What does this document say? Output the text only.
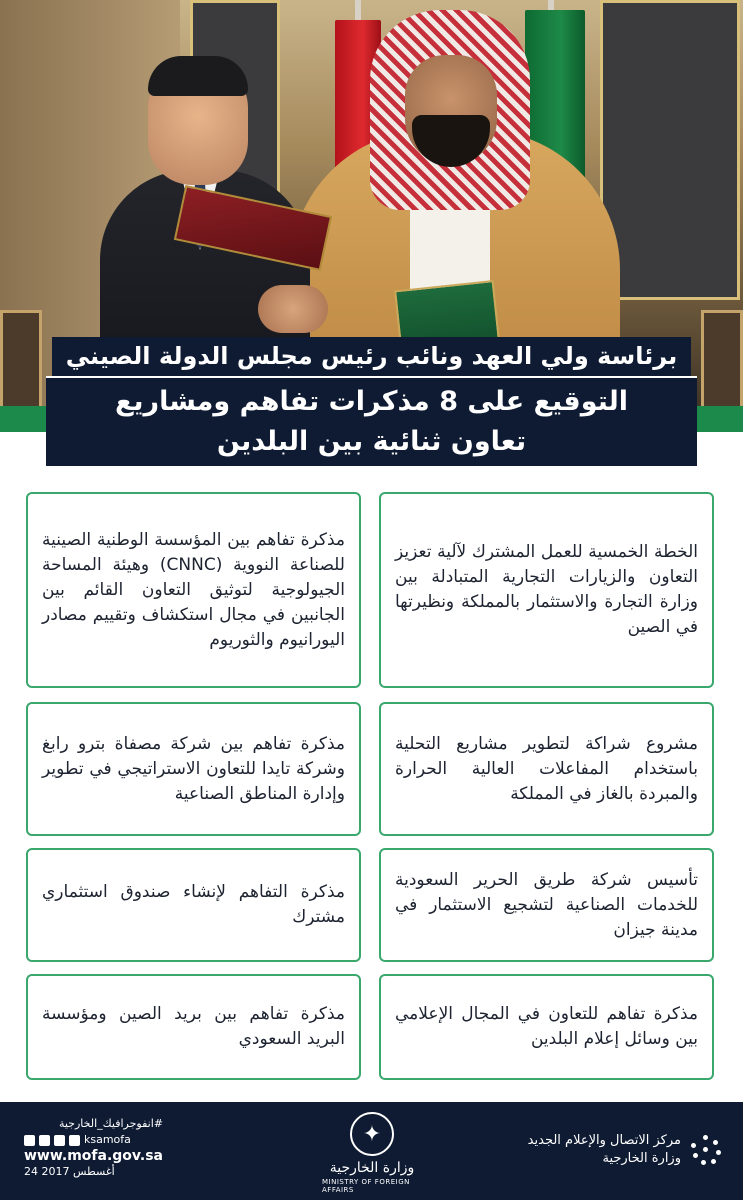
برئاسة ولي العهد ونائب رئيس مجلس الدولة الصيني
التوقيع على 8 مذكرات تفاهم ومشاريع
تعاون ثنائية بين البلدين
الخطة الخمسية للعمل المشترك لآلية تعزيز التعاون والزيارات التجارية المتبادلة بين وزارة التجارة والاستثمار بالمملكة ونظيرتها في الصين
مذكرة تفاهم بين المؤسسة الوطنية الصينية للصناعة النووية (CNNC) وهيئة المساحة الجيولوجية لتوثيق التعاون القائم بين الجانبين في مجال استكشاف وتقييم مصادر اليورانيوم والثوريوم
مشروع شراكة لتطوير مشاريع التحلية باستخدام المفاعلات العالية الحرارة والمبردة بالغاز في المملكة
مذكرة تفاهم بين شركة مصفاة بترو رابغ وشركة تايدا للتعاون الاستراتيجي في تطوير وإدارة المناطق الصناعية
تأسيس شركة طريق الحرير السعودية للخدمات الصناعية لتشجيع الاستثمار في مدينة جيزان
مذكرة التفاهم لإنشاء صندوق استثماري مشترك
مذكرة تفاهم للتعاون في المجال الإعلامي بين وسائل إعلام البلدين
مذكرة تفاهم بين بريد الصين ومؤسسة البريد السعودي
#انفوجرافيك_الخارجية
ksamofa
www.mofa.gov.sa
24 أغسطس 2017
✦
وزارة الخارجية
MINISTRY OF FOREIGN AFFAIRS
مركز الاتصال والإعلام الجديد
وزارة الخارجية
